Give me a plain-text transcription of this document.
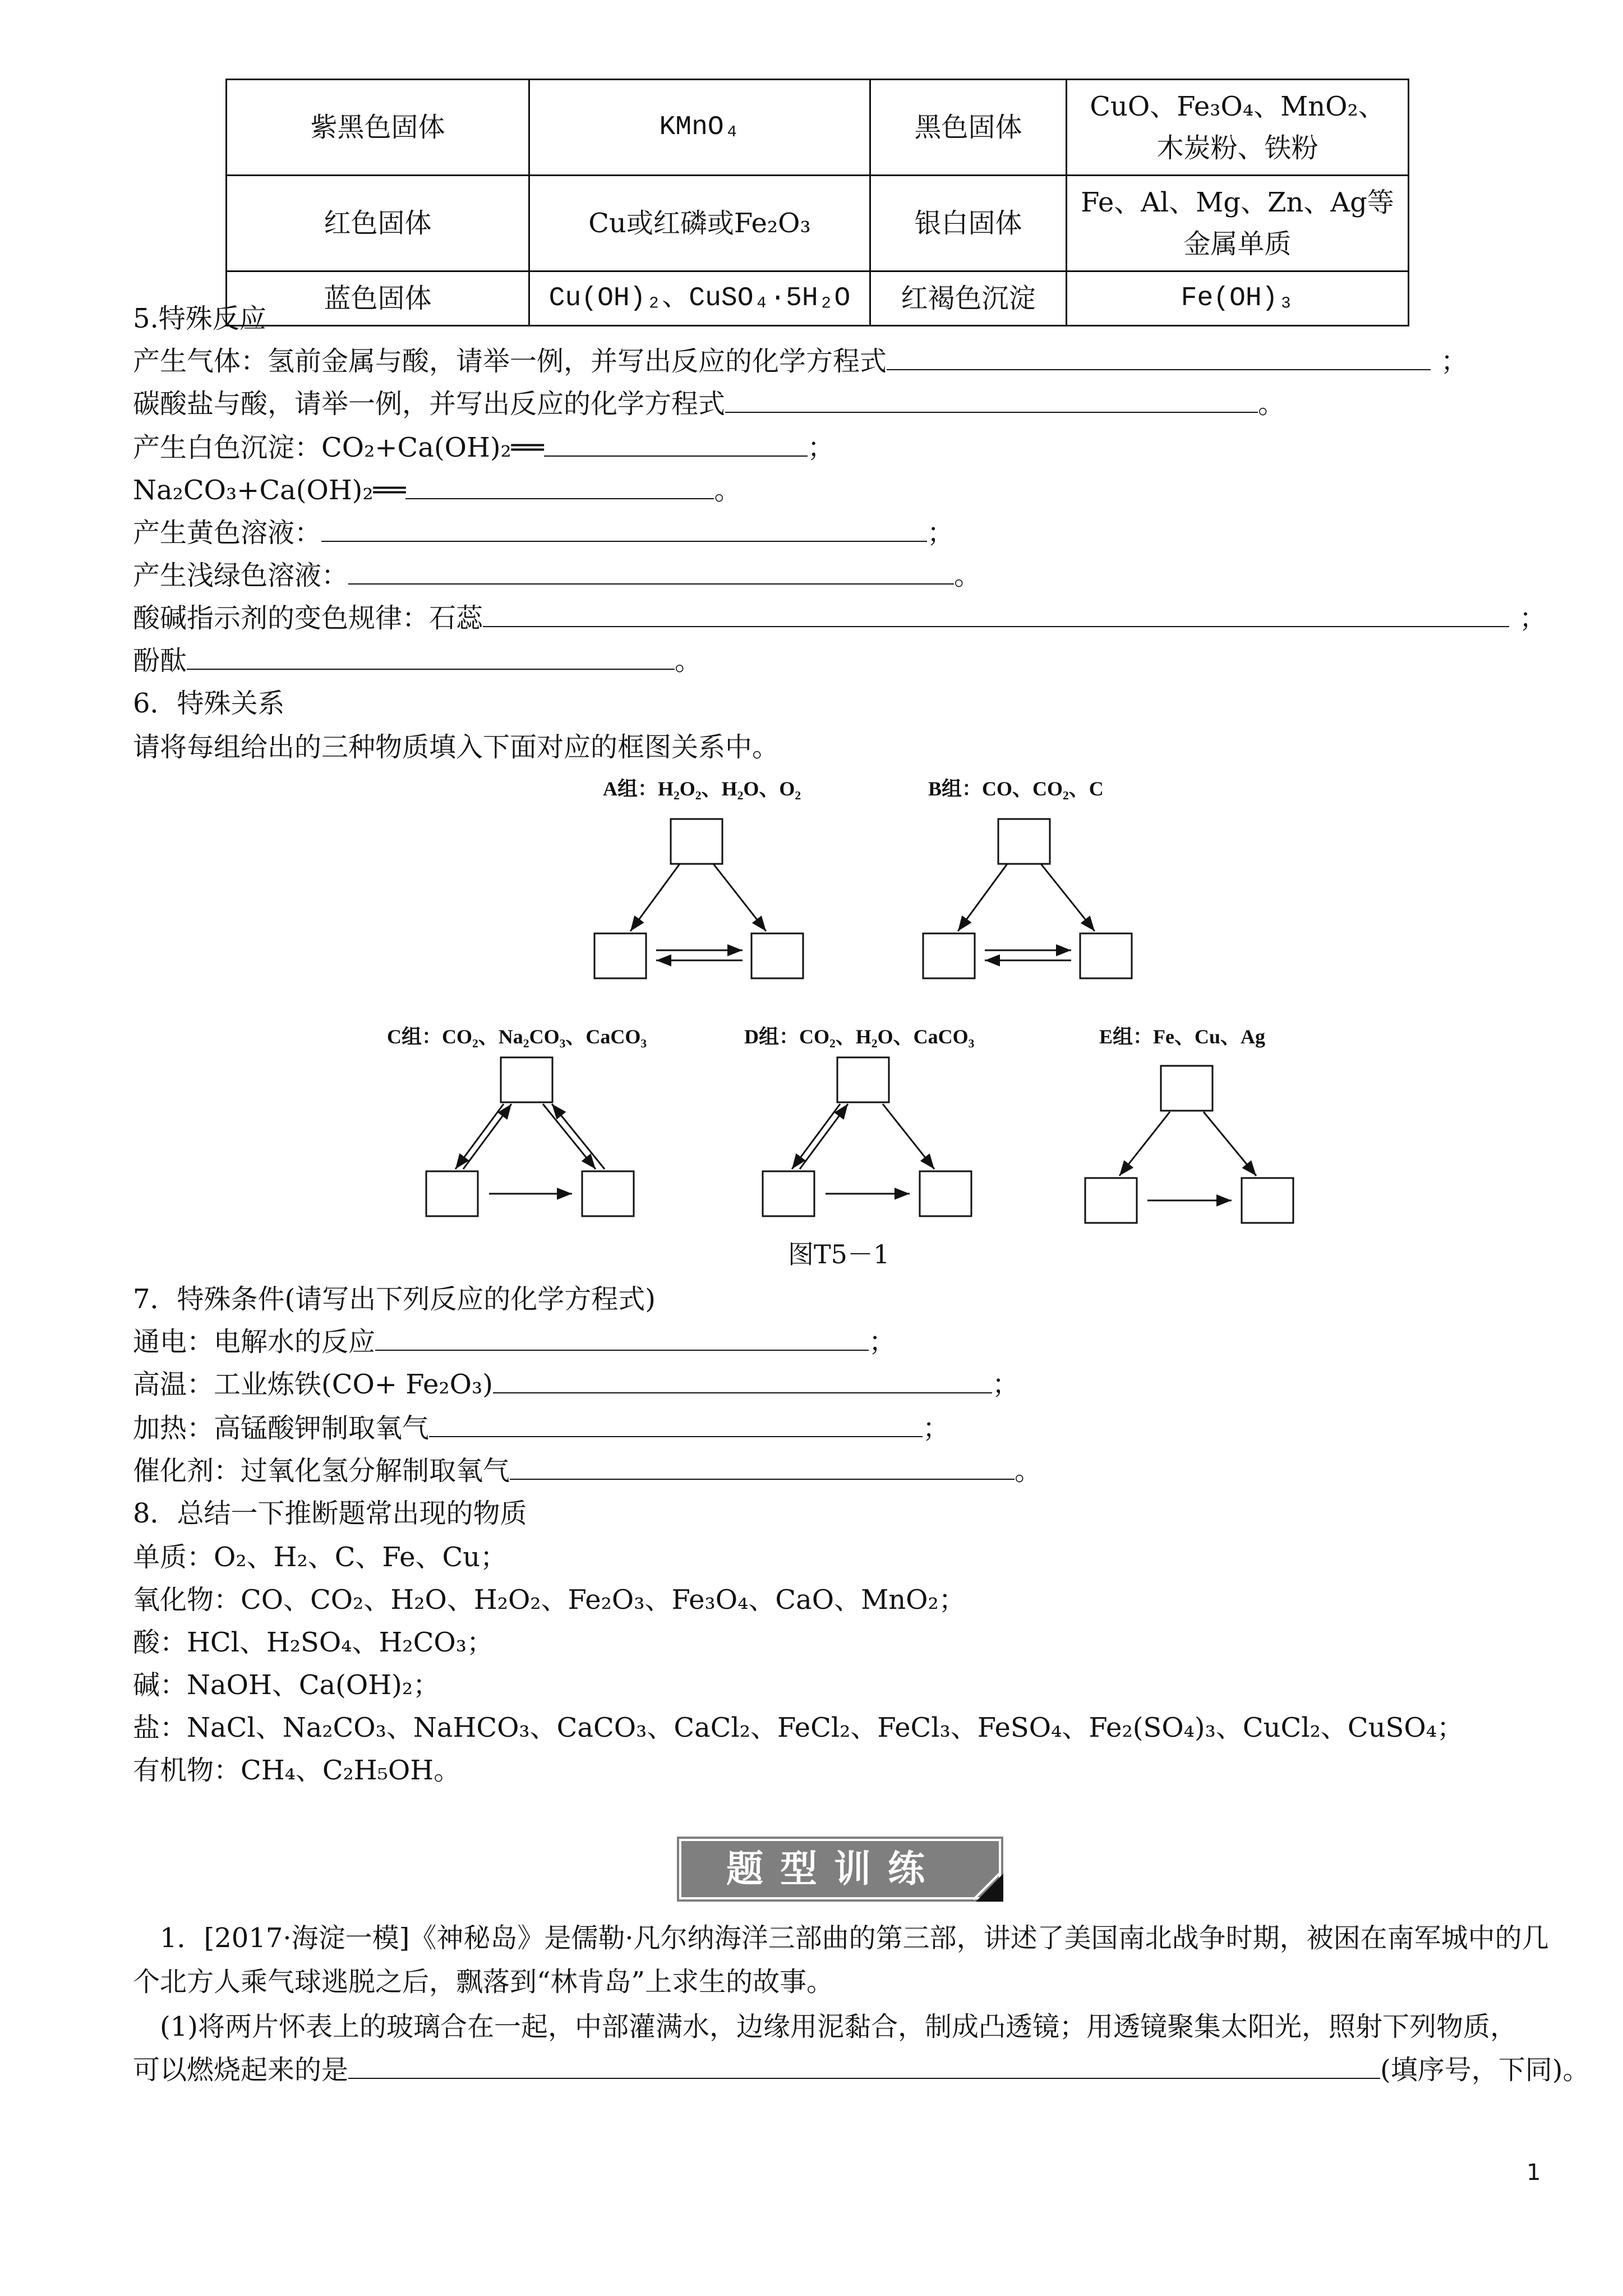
紫黑色固体	KMnO₄	黑色固体	CuO、Fe₃O₄、MnO₂、木炭粉、铁粉
红色固体	Cu或红磷或Fe₂O₃	银白固体	Fe、Al、Mg、Zn、Ag等金属单质
蓝色固体	Cu(OH)₂、CuSO₄·5H₂O	红褐色沉淀	Fe(OH)₃
5.特殊反应
产生气体：氢前金属与酸，请举一例，并写出反应的化学方程式	；
碳酸盐与酸，请举一例，并写出反应的化学方程式	。
产生白色沉淀：CO₂+Ca(OH)₂══	；
Na₂CO₃+Ca(OH)₂══	。
产生黄色溶液：	；
产生浅绿色溶液：	。
酸碱指示剂的变色规律：石蕊	；
酚酞	。
6．特殊关系
请将每组给出的三种物质填入下面对应的框图关系中。
A组：H₂O₂、H₂O、O₂	B组：CO、CO₂、C
C组：CO₂、Na₂CO₃、CaCO₃	D组：CO₂、H₂O、CaCO₃	E组：Fe、Cu、Ag
图T5－1
7．特殊条件(请写出下列反应的化学方程式)
通电：电解水的反应	；
高温：工业炼铁(CO+ Fe₂O₃)	；
加热：高锰酸钾制取氧气	；
催化剂：过氧化氢分解制取氧气	。
8．总结一下推断题常出现的物质
单质：O₂、H₂、C、Fe、Cu；
氧化物：CO、CO₂、H₂O、H₂O₂、Fe₂O₃、Fe₃O₄、CaO、MnO₂；
酸：HCl、H₂SO₄、H₂CO₃；
碱：NaOH、Ca(OH)₂；
盐：NaCl、Na₂CO₃、NaHCO₃、CaCO₃、CaCl₂、FeCl₂、FeCl₃、FeSO₄、Fe₂(SO₄)₃、CuCl₂、CuSO₄；
有机物：CH₄、C₂H₅OH。
题型训练
1．[2017·海淀一模]《神秘岛》是儒勒·凡尔纳海洋三部曲的第三部，讲述了美国南北战争时期，被困在南军城中的几个北方人乘气球逃脱之后，飘落到“林肯岛”上求生的故事。
(1)将两片怀表上的玻璃合在一起，中部灌满水，边缘用泥黏合，制成凸透镜；用透镜聚集太阳光，照射下列物质，
可以燃烧起来的是	(填序号，下同)。
1
